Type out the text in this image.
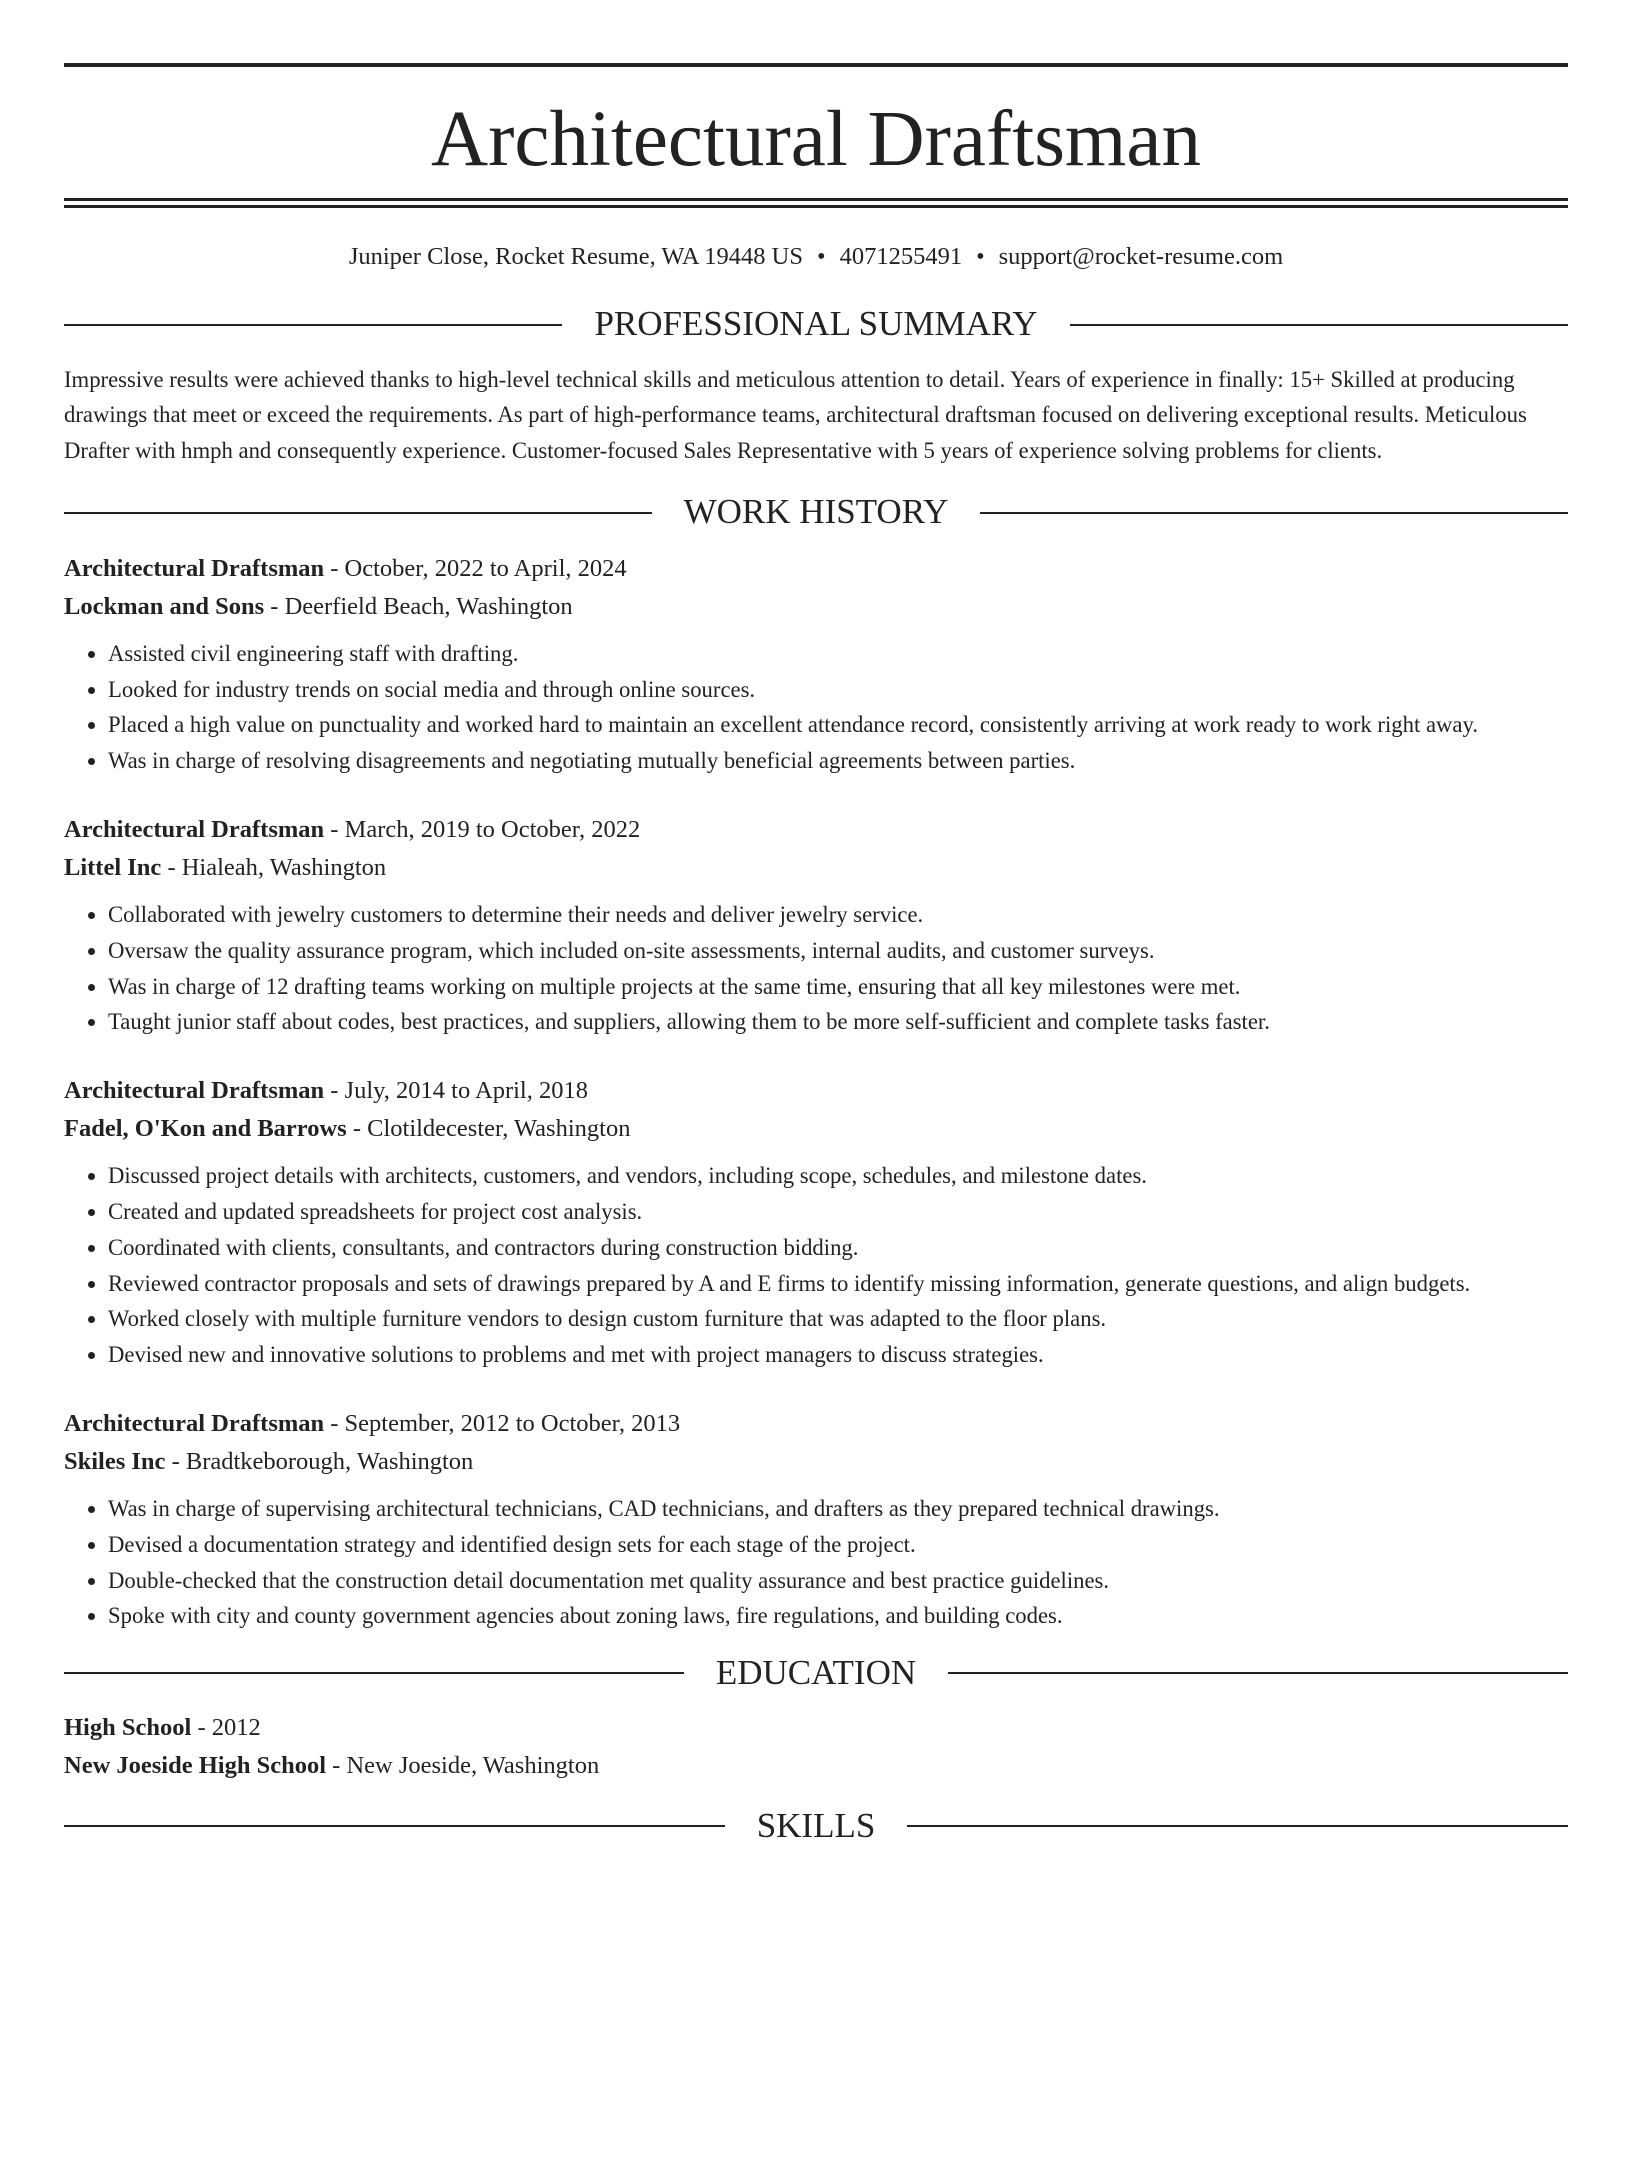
Architectural Draftsman
Juniper Close, Rocket Resume, WA 19448 US • 4071255491 • support@rocket-resume.com
PROFESSIONAL SUMMARY
Impressive results were achieved thanks to high-level technical skills and meticulous attention to detail. Years of experience in finally: 15+ Skilled at producing drawings that meet or exceed the requirements. As part of high-performance teams, architectural draftsman focused on delivering exceptional results. Meticulous Drafter with hmph and consequently experience. Customer-focused Sales Representative with 5 years of experience solving problems for clients.
WORK HISTORY
Architectural Draftsman - October, 2022 to April, 2024
Lockman and Sons - Deerfield Beach, Washington
• Assisted civil engineering staff with drafting.
• Looked for industry trends on social media and through online sources.
• Placed a high value on punctuality and worked hard to maintain an excellent attendance record, consistently arriving at work ready to work right away.
• Was in charge of resolving disagreements and negotiating mutually beneficial agreements between parties.
Architectural Draftsman - March, 2019 to October, 2022
Littel Inc - Hialeah, Washington
• Collaborated with jewelry customers to determine their needs and deliver jewelry service.
• Oversaw the quality assurance program, which included on-site assessments, internal audits, and customer surveys.
• Was in charge of 12 drafting teams working on multiple projects at the same time, ensuring that all key milestones were met.
• Taught junior staff about codes, best practices, and suppliers, allowing them to be more self-sufficient and complete tasks faster.
Architectural Draftsman - July, 2014 to April, 2018
Fadel, O'Kon and Barrows - Clotildecester, Washington
• Discussed project details with architects, customers, and vendors, including scope, schedules, and milestone dates.
• Created and updated spreadsheets for project cost analysis.
• Coordinated with clients, consultants, and contractors during construction bidding.
• Reviewed contractor proposals and sets of drawings prepared by A and E firms to identify missing information, generate questions, and align budgets.
• Worked closely with multiple furniture vendors to design custom furniture that was adapted to the floor plans.
• Devised new and innovative solutions to problems and met with project managers to discuss strategies.
Architectural Draftsman - September, 2012 to October, 2013
Skiles Inc - Bradtkeborough, Washington
• Was in charge of supervising architectural technicians, CAD technicians, and drafters as they prepared technical drawings.
• Devised a documentation strategy and identified design sets for each stage of the project.
• Double-checked that the construction detail documentation met quality assurance and best practice guidelines.
• Spoke with city and county government agencies about zoning laws, fire regulations, and building codes.
EDUCATION
High School - 2012
New Joeside High School - New Joeside, Washington
SKILLS
